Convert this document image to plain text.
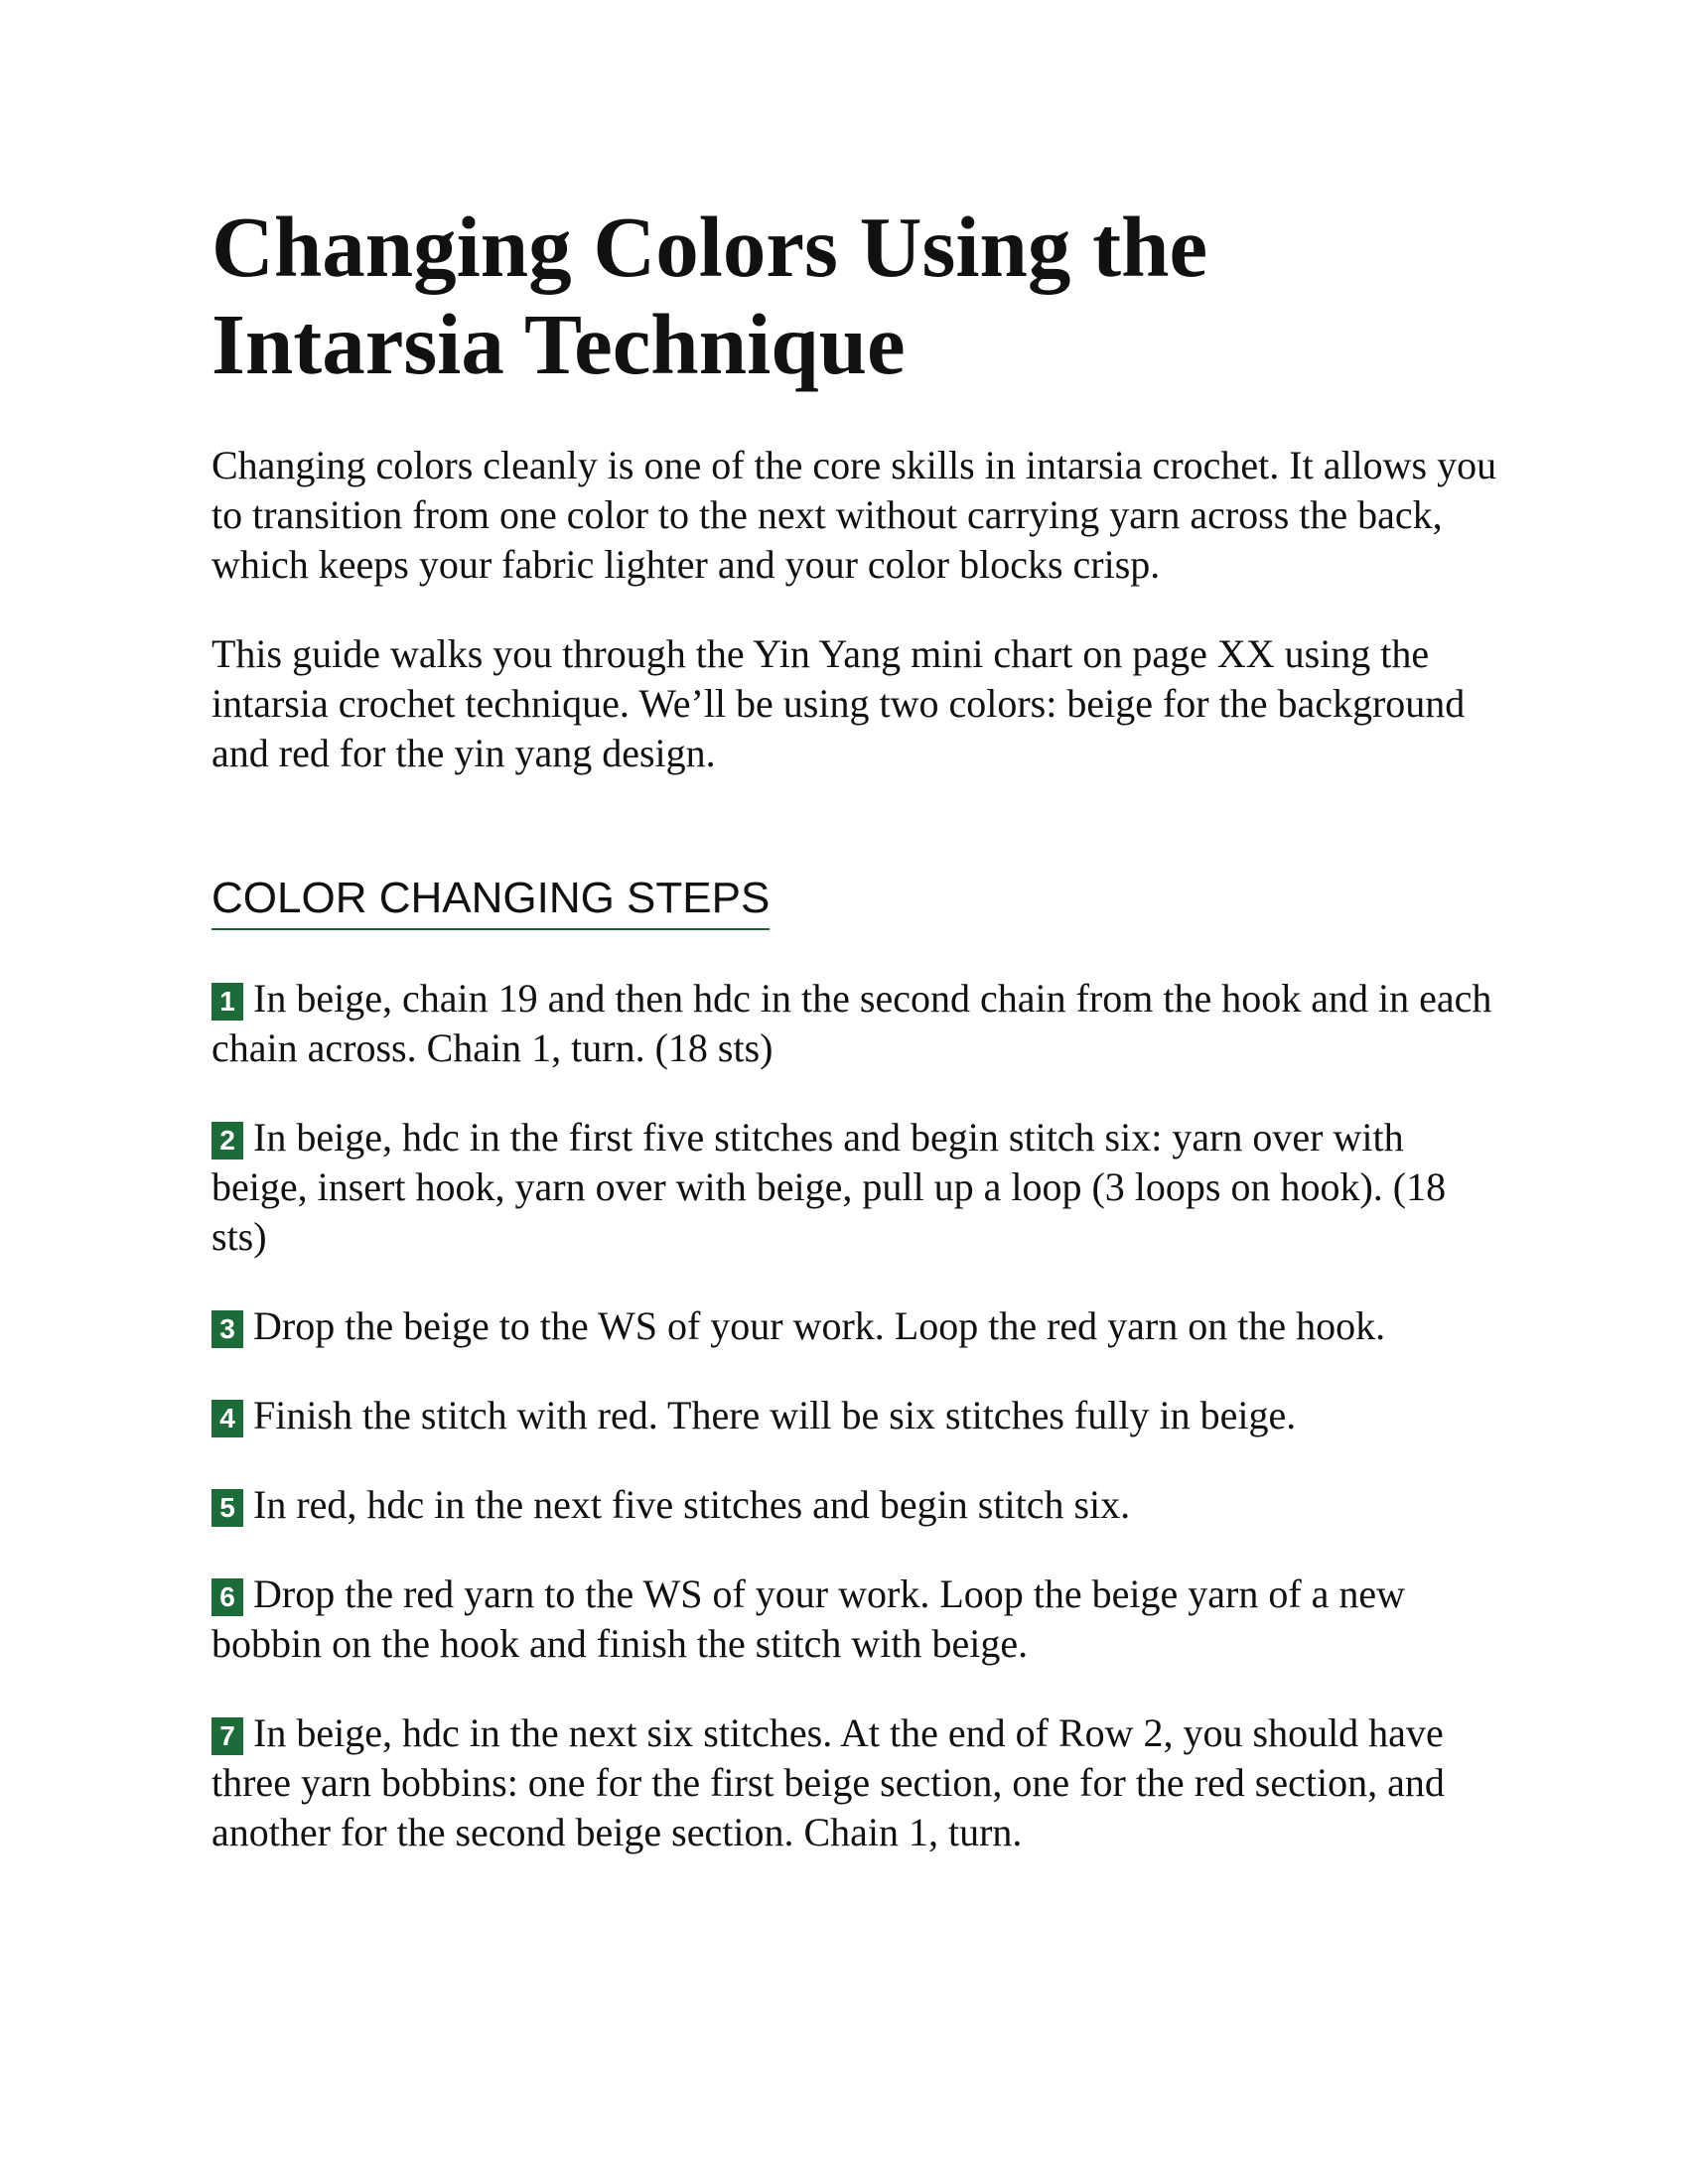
Changing Colors Using the Intarsia Technique

Changing colors cleanly is one of the core skills in intarsia crochet. It allows you to transition from one color to the next without carrying yarn across the back, which keeps your fabric lighter and your color blocks crisp.

This guide walks you through the Yin Yang mini chart on page XX using the intarsia crochet technique. We’ll be using two colors: beige for the background and red for the yin yang design.

COLOR CHANGING STEPS
1 In beige, chain 19 and then hdc in the second chain from the hook and in each chain across. Chain 1, turn. (18 sts)
2 In beige, hdc in the first five stitches and begin stitch six: yarn over with beige, insert hook, yarn over with beige, pull up a loop (3 loops on hook). (18 sts)
3 Drop the beige to the WS of your work. Loop the red yarn on the hook.
4 Finish the stitch with red. There will be six stitches fully in beige.
5 In red, hdc in the next five stitches and begin stitch six.
6 Drop the red yarn to the WS of your work. Loop the beige yarn of a new bobbin on the hook and finish the stitch with beige.
7 In beige, hdc in the next six stitches. At the end of Row 2, you should have three yarn bobbins: one for the first beige section, one for the red section, and another for the second beige section. Chain 1, turn.
